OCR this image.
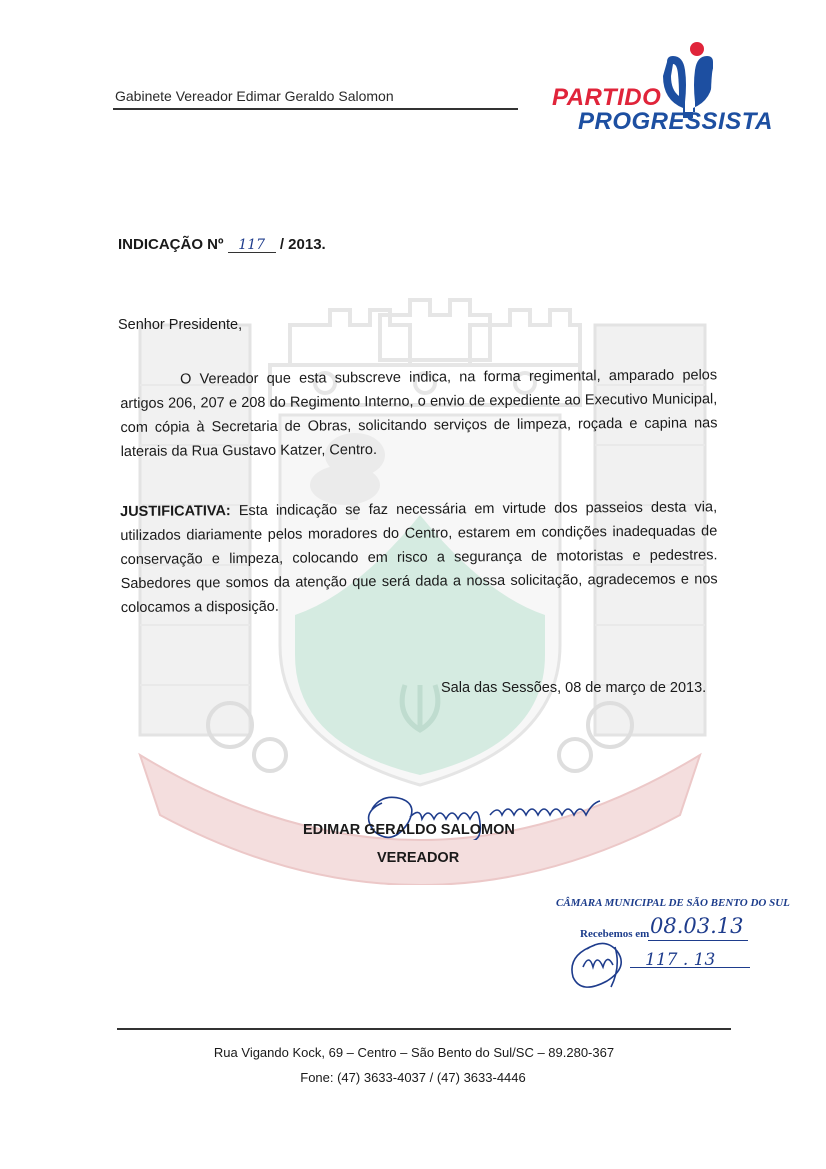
Gabinete Vereador Edimar Geraldo Salomon	PARTIDO
PROGRESSISTA
INDICAÇÃO Nº 117 / 2013.
Senhor Presidente,
O Vereador que esta subscreve indica, na forma regimental, amparado pelos artigos 206, 207 e 208 do Regimento Interno, o envio de expediente ao Executivo Municipal, com cópia à Secretaria de Obras, solicitando serviços de limpeza, roçada e capina nas laterais da Rua Gustavo Katzer, Centro.
JUSTIFICATIVA: Esta indicação se faz necessária em virtude dos passeios desta via, utilizados diariamente pelos moradores do Centro, estarem em condições inadequadas de conservação e limpeza, colocando em risco a segurança de motoristas e pedestres. Sabedores que somos da atenção que será dada a nossa solicitação, agradecemos e nos colocamos a disposição.
Sala das Sessões, 08 de março de 2013.
EDIMAR GERALDO SALOMON
VEREADOR
CÂMARA MUNICIPAL DE SÃO BENTO DO SUL
Recebemos em 08.03.13
117 . 13
Rua Vigando Kock, 69 – Centro – São Bento do Sul/SC – 89.280-367
Fone: (47) 3633-4037 / (47) 3633-4446
